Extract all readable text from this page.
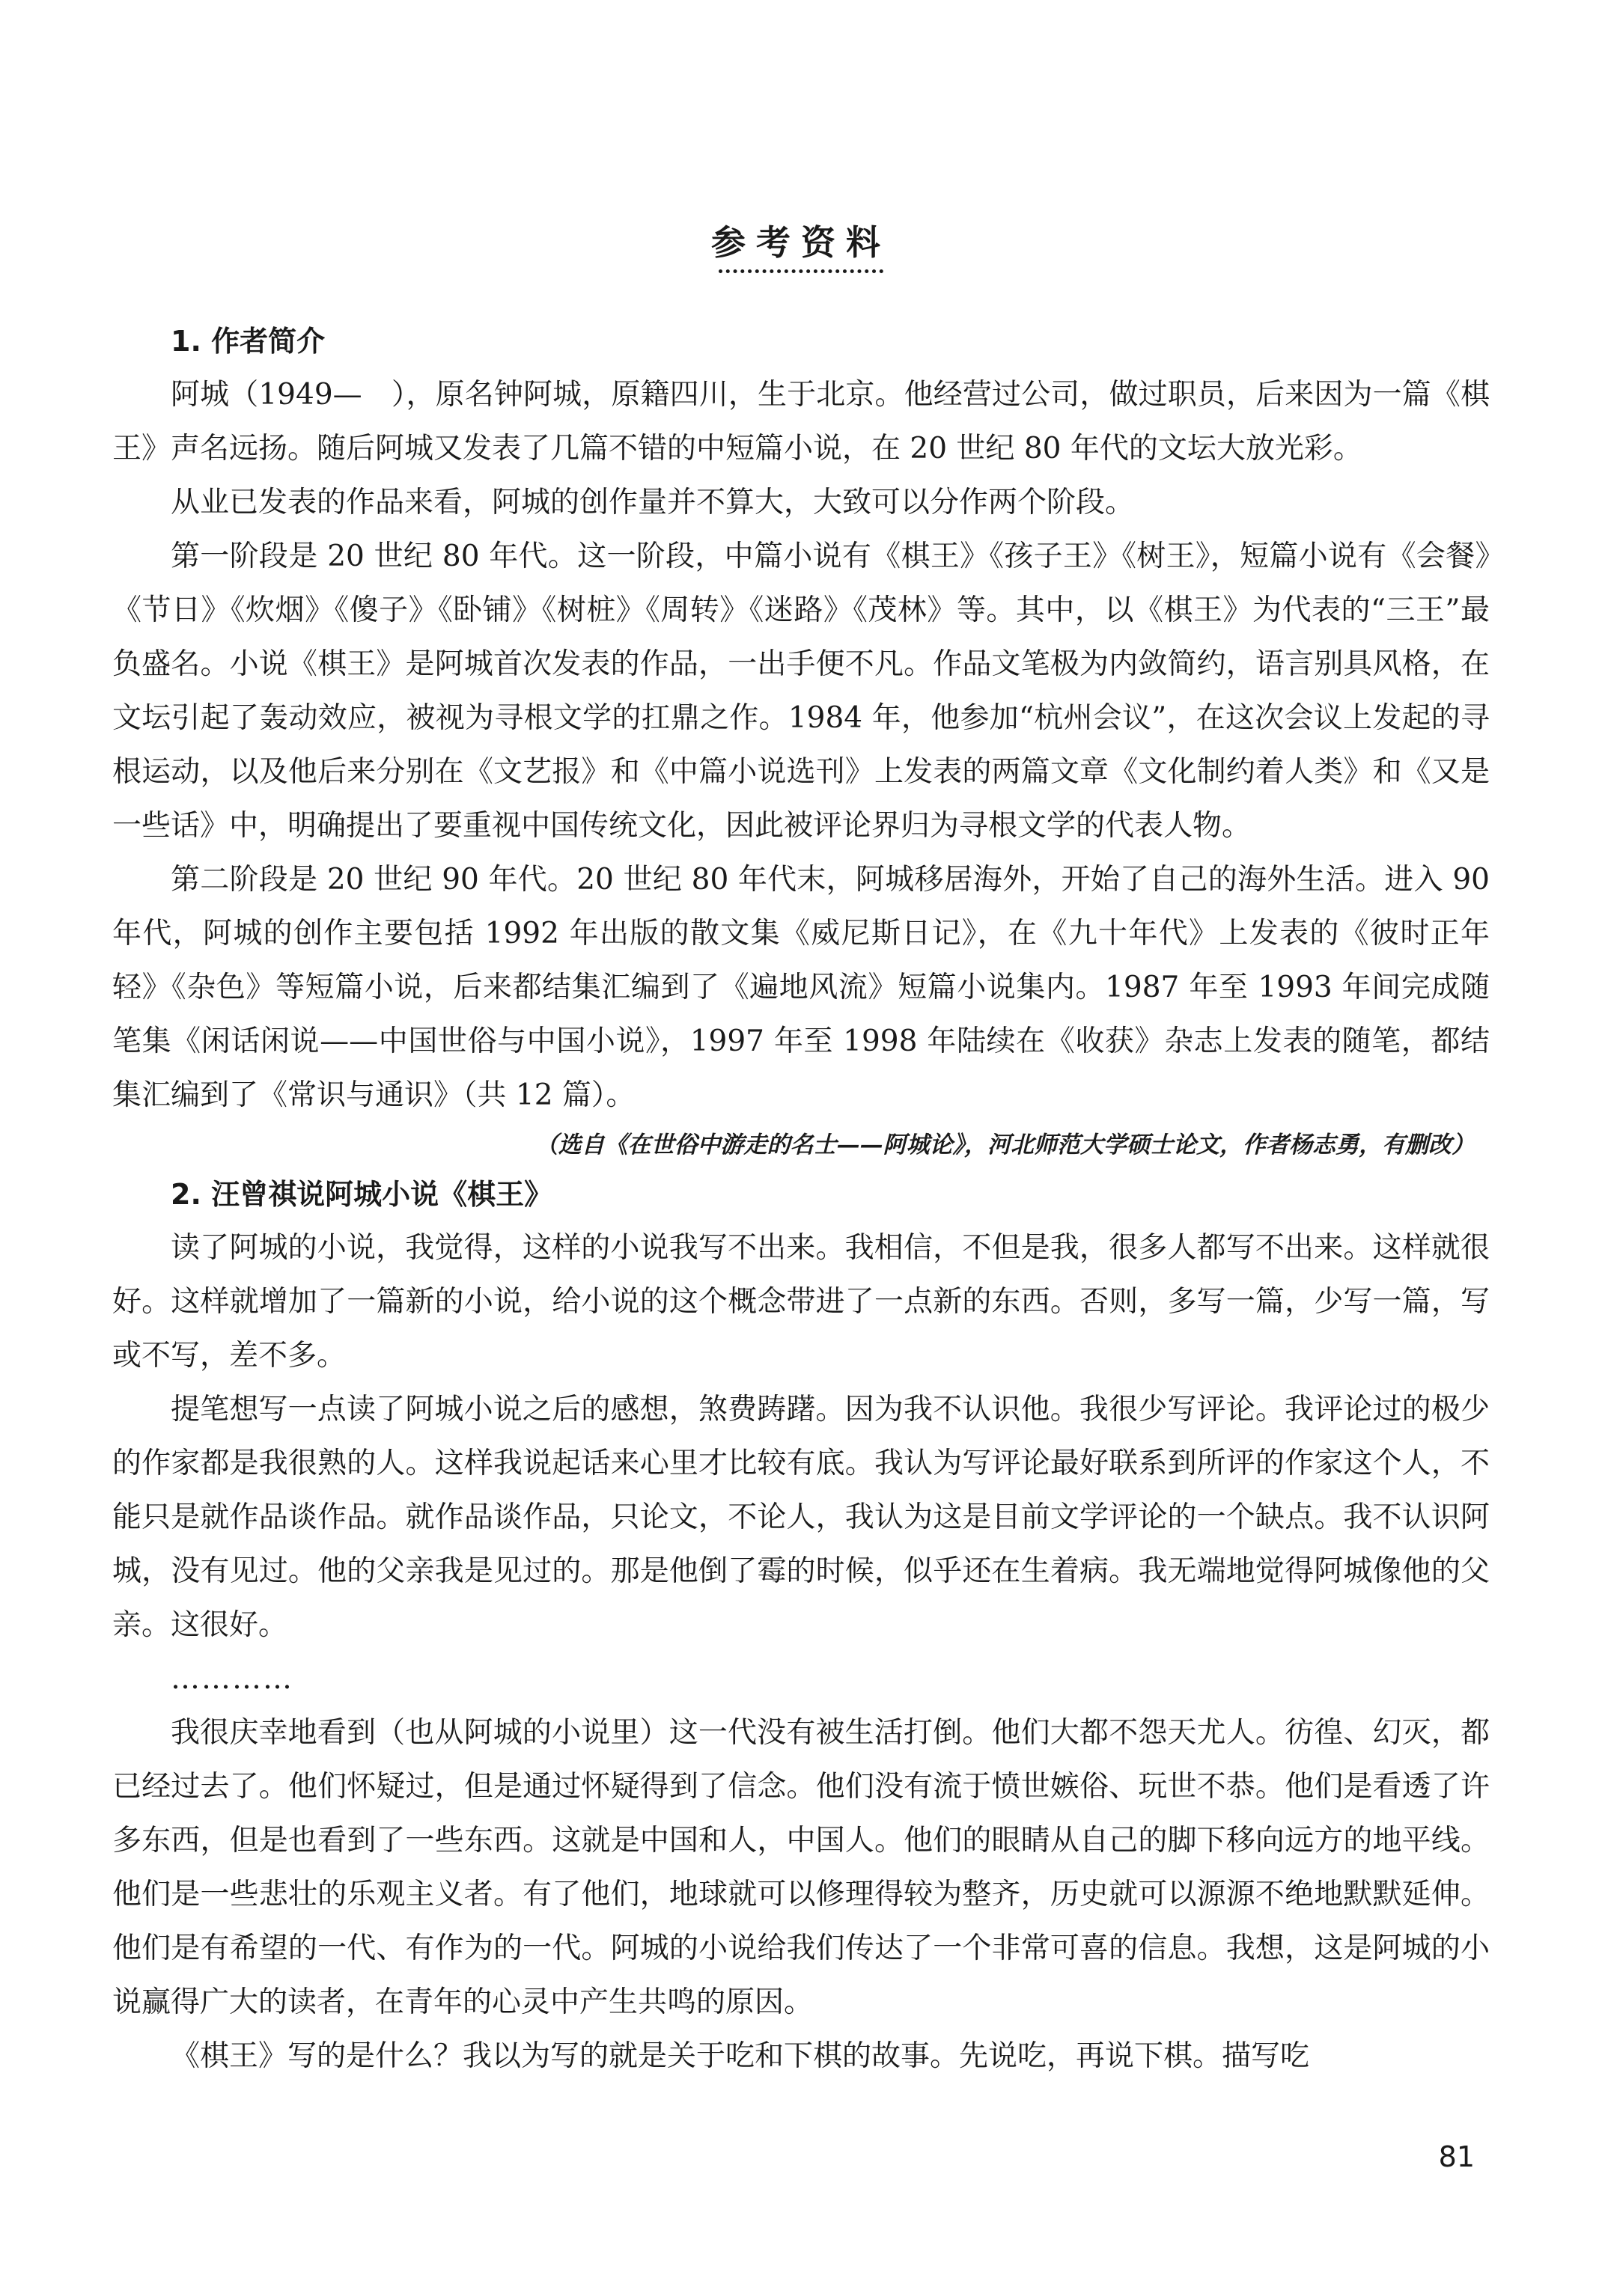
参考资料

1. 作者简介

阿城（1949—　），原名钟阿城，原籍四川，生于北京。他经营过公司，做过职员，后来因为一篇《棋王》声名远扬。随后阿城又发表了几篇不错的中短篇小说，在 20 世纪 80 年代的文坛大放光彩。

从业已发表的作品来看，阿城的创作量并不算大，大致可以分作两个阶段。

第一阶段是 20 世纪 80 年代。这一阶段，中篇小说有《棋王》《孩子王》《树王》，短篇小说有《会餐》《节日》《炊烟》《傻子》《卧铺》《树桩》《周转》《迷路》《茂林》等。其中，以《棋王》为代表的“三王”最负盛名。小说《棋王》是阿城首次发表的作品，一出手便不凡。作品文笔极为内敛简约，语言别具风格，在文坛引起了轰动效应，被视为寻根文学的扛鼎之作。1984 年，他参加“杭州会议”，在这次会议上发起的寻根运动，以及他后来分别在《文艺报》和《中篇小说选刊》上发表的两篇文章《文化制约着人类》和《又是一些话》中，明确提出了要重视中国传统文化，因此被评论界归为寻根文学的代表人物。

第二阶段是 20 世纪 90 年代。20 世纪 80 年代末，阿城移居海外，开始了自己的海外生活。进入 90 年代，阿城的创作主要包括 1992 年出版的散文集《威尼斯日记》，在《九十年代》上发表的《彼时正年轻》《杂色》等短篇小说，后来都结集汇编到了《遍地风流》短篇小说集内。1987 年至 1993 年间完成随笔集《闲话闲说——中国世俗与中国小说》，1997 年至 1998 年陆续在《收获》杂志上发表的随笔，都结集汇编到了《常识与通识》（共 12 篇）。

（选自《在世俗中游走的名士——阿城论》，河北师范大学硕士论文，作者杨志勇，有删改）

2. 汪曾祺说阿城小说《棋王》

读了阿城的小说，我觉得，这样的小说我写不出来。我相信，不但是我，很多人都写不出来。这样就很好。这样就增加了一篇新的小说，给小说的这个概念带进了一点新的东西。否则，多写一篇，少写一篇，写或不写，差不多。

提笔想写一点读了阿城小说之后的感想，煞费踌躇。因为我不认识他。我很少写评论。我评论过的极少的作家都是我很熟的人。这样我说起话来心里才比较有底。我认为写评论最好联系到所评的作家这个人，不能只是就作品谈作品。就作品谈作品，只论文，不论人，我认为这是目前文学评论的一个缺点。我不认识阿城，没有见过。他的父亲我是见过的。那是他倒了霉的时候，似乎还在生着病。我无端地觉得阿城像他的父亲。这很好。

…………

我很庆幸地看到（也从阿城的小说里）这一代没有被生活打倒。他们大都不怨天尤人。彷徨、幻灭，都已经过去了。他们怀疑过，但是通过怀疑得到了信念。他们没有流于愤世嫉俗、玩世不恭。他们是看透了许多东西，但是也看到了一些东西。这就是中国和人，中国人。他们的眼睛从自己的脚下移向远方的地平线。他们是一些悲壮的乐观主义者。有了他们，地球就可以修理得较为整齐，历史就可以源源不绝地默默延伸。他们是有希望的一代、有作为的一代。阿城的小说给我们传达了一个非常可喜的信息。我想，这是阿城的小说赢得广大的读者，在青年的心灵中产生共鸣的原因。

《棋王》写的是什么？我以为写的就是关于吃和下棋的故事。先说吃，再说下棋。描写吃

81
